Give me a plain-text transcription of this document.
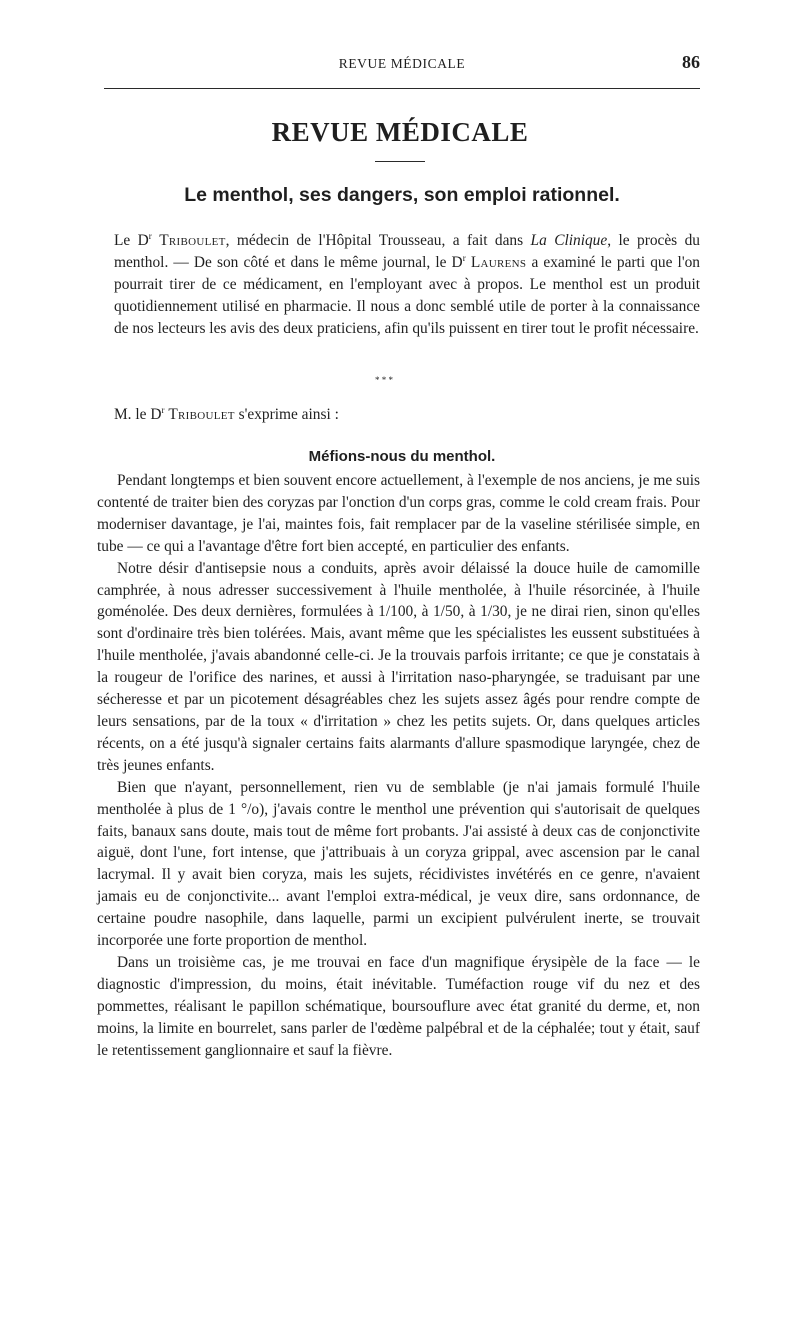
REVUE MÉDICALE	86
REVUE MÉDICALE
Le menthol, ses dangers, son emploi rationnel.

Le $D^r$ Triboulet, médecin de l'Hôpital Trousseau, a fait dans La Clinique, le procès du menthol. — De son côté et dans le même journal, le $D^r$ Laurens a examiné le parti que l'on pourrait tirer de ce médicament, en l'employant avec à propos. Le menthol est un produit quotidiennement utilisé en pharmacie. Il nous a donc semblé utile de porter à la connaissance de nos lecteurs les avis des deux praticiens, afin qu'ils puissent en tirer tout le profit nécessaire.

* * *

M. le $D^r$ Triboulet s'exprime ainsi :

Méfions-nous du menthol.

Pendant longtemps et bien souvent encore actuellement, à l'exemple de nos anciens, je me suis contenté de traiter bien des coryzas par l'onction d'un corps gras, comme le cold cream frais. Pour moderniser davantage, je l'ai, maintes fois, fait remplacer par de la vaseline stérilisée simple, en tube — ce qui a l'avantage d'être fort bien accepté, en particulier des enfants.

Notre désir d'antisepsie nous a conduits, après avoir délaissé la douce huile de camomille camphrée, à nous adresser successivement à l'huile mentholée, à l'huile résorcinée, à l'huile goménolée. Des deux dernières, formulées à 1/100, à 1/50, à 1/30, je ne dirai rien, sinon qu'elles sont d'ordinaire très bien tolérées. Mais, avant même que les spécialistes les eussent substituées à l'huile mentholée, j'avais abandonné celle-ci. Je la trouvais parfois irritante; ce que je constatais à la rougeur de l'orifice des narines, et aussi à l'irritation naso-pharyngée, se traduisant par une sécheresse et par un picotement désagréables chez les sujets assez âgés pour rendre compte de leurs sensations, par de la toux « d'irritation » chez les petits sujets. Or, dans quelques articles récents, on a été jusqu'à signaler certains faits alarmants d'allure spasmodique laryngée, chez de très jeunes enfants.

Bien que n'ayant, personnellement, rien vu de semblable (je n'ai jamais formulé l'huile mentholée à plus de 1 °/o), j'avais contre le menthol une prévention qui s'autorisait de quelques faits, banaux sans doute, mais tout de même fort probants. J'ai assisté à deux cas de conjonctivite aiguë, dont l'une, fort intense, que j'attribuais à un coryza grippal, avec ascension par le canal lacrymal. Il y avait bien coryza, mais les sujets, récidivistes invétérés en ce genre, n'avaient jamais eu de conjonctivite... avant l'emploi extra-médical, je veux dire, sans ordonnance, de certaine poudre nasophile, dans laquelle, parmi un excipient pulvérulent inerte, se trouvait incorporée une forte proportion de menthol.

Dans un troisième cas, je me trouvai en face d'un magnifique érysipèle de la face — le diagnostic d'impression, du moins, était inévitable. Tuméfaction rouge vif du nez et des pommettes, réalisant le papillon schématique, boursouflure avec état granité du derme, et, non moins, la limite en bourrelet, sans parler de l'œdème palpébral et de la céphalée; tout y était, sauf le retentissement ganglionnaire et sauf la fièvre.
